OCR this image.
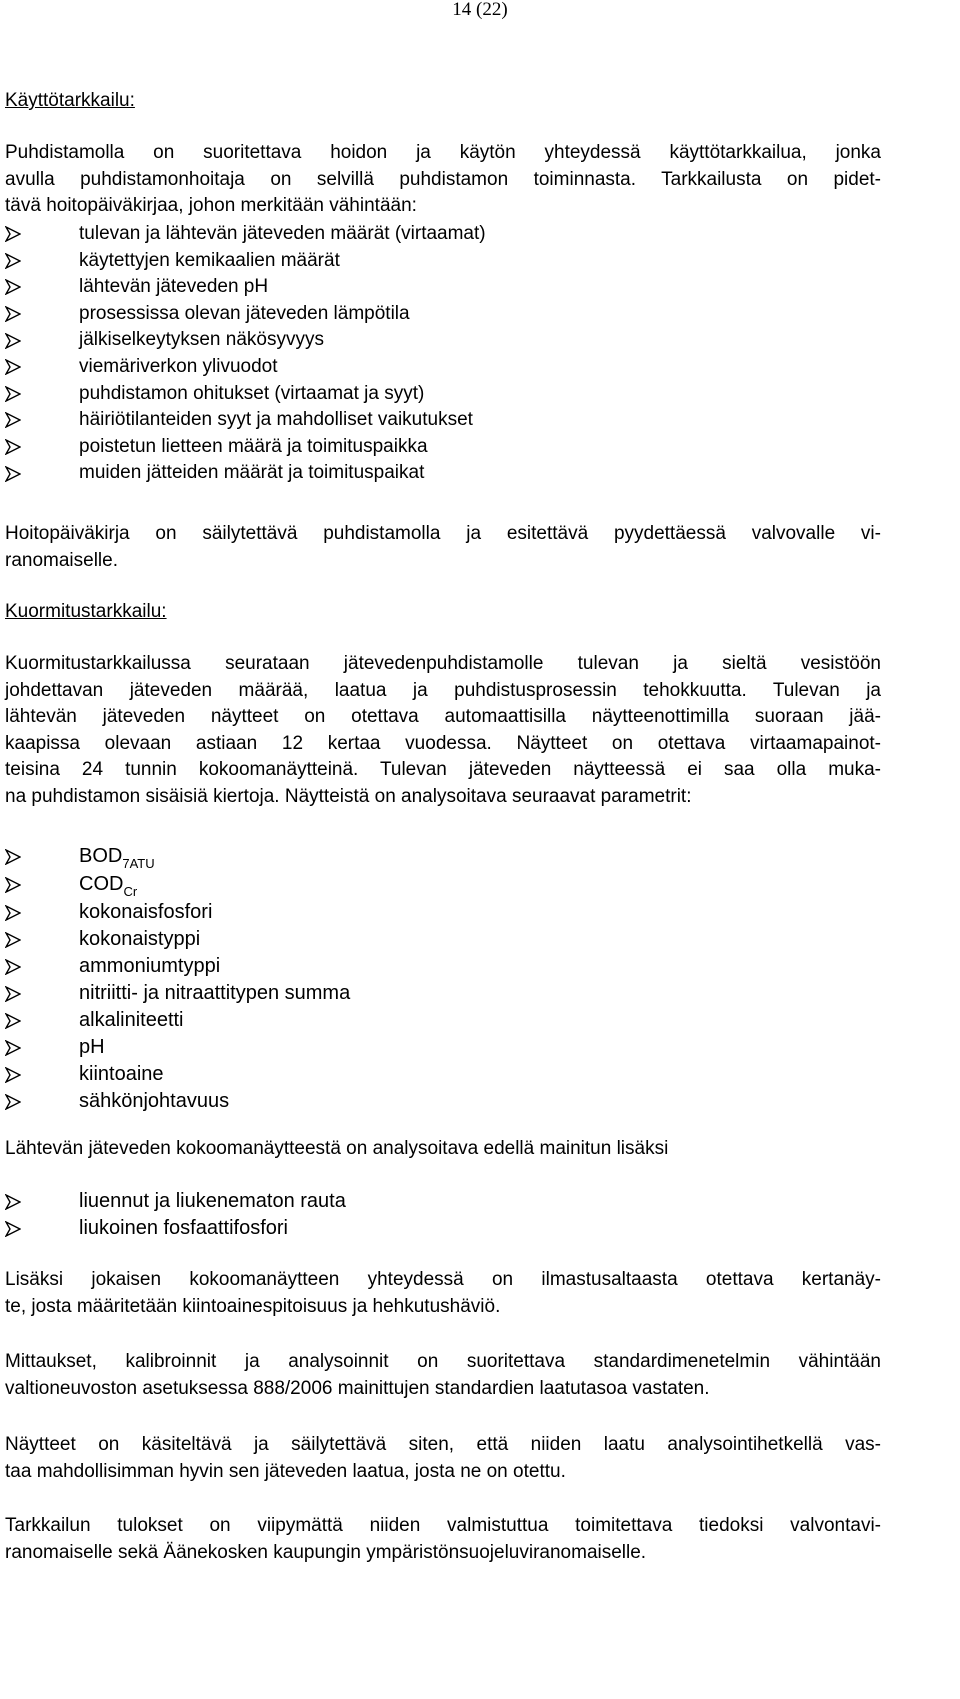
14 (22)
Käyttötarkkailu:
Puhdistamolla on suoritettava hoidon ja käytön yhteydessä käyttötarkkailua, jonka
avulla puhdistamonhoitaja on selvillä puhdistamon toiminnasta. Tarkkailusta on pidet-
tävä hoitopäiväkirjaa, johon merkitään vähintään:
tulevan ja lähtevän jäteveden määrät (virtaamat)
käytettyjen kemikaalien määrät
lähtevän jäteveden pH
prosessissa olevan jäteveden lämpötila
jälkiselkeytyksen näkösyvyys
viemäriverkon ylivuodot
puhdistamon ohitukset (virtaamat ja syyt)
häiriötilanteiden syyt ja mahdolliset vaikutukset
poistetun lietteen määrä ja toimituspaikka
muiden jätteiden määrät ja toimituspaikat
Hoitopäiväkirja on säilytettävä puhdistamolla ja esitettävä pyydettäessä valvovalle vi-
ranomaiselle.
Kuormitustarkkailu:
Kuormitustarkkailussa seurataan jätevedenpuhdistamolle tulevan ja sieltä vesistöön
johdettavan jäteveden määrää, laatua ja puhdistusprosessin tehokkuutta. Tulevan ja
lähtevän jäteveden näytteet on otettava automaattisilla näytteenottimilla suoraan jää-
kaapissa olevaan astiaan 12 kertaa vuodessa. Näytteet on otettava virtaamapainot-
teisina 24 tunnin kokoomanäytteinä. Tulevan jäteveden näytteessä ei saa olla muka-
na puhdistamon sisäisiä kiertoja. Näytteistä on analysoitava seuraavat parametrit:
$BOD_{7ATU}$
$COD_{Cr}$
kokonaisfosfori
kokonaistyppi
ammoniumtyppi
nitriitti- ja nitraattitypen summa
alkaliniteetti
pH
kiintoaine
sähkönjohtavuus
Lähtevän jäteveden kokoomanäytteestä on analysoitava edellä mainitun lisäksi
liuennut ja liukenematon rauta
liukoinen fosfaattifosfori
Lisäksi jokaisen kokoomanäytteen yhteydessä on ilmastusaltaasta otettava kertanäy-
te, josta määritetään kiintoainespitoisuus ja hehkutushäviö.
Mittaukset, kalibroinnit ja analysoinnit on suoritettava standardimenetelmin vähintään
valtioneuvoston asetuksessa 888/2006 mainittujen standardien laatutasoa vastaten.
Näytteet on käsiteltävä ja säilytettävä siten, että niiden laatu analysointihetkellä vas-
taa mahdollisimman hyvin sen jäteveden laatua, josta ne on otettu.
Tarkkailun tulokset on viipymättä niiden valmistuttua toimitettava tiedoksi valvontavi-
ranomaiselle sekä Äänekosken kaupungin ympäristönsuojeluviranomaiselle.
